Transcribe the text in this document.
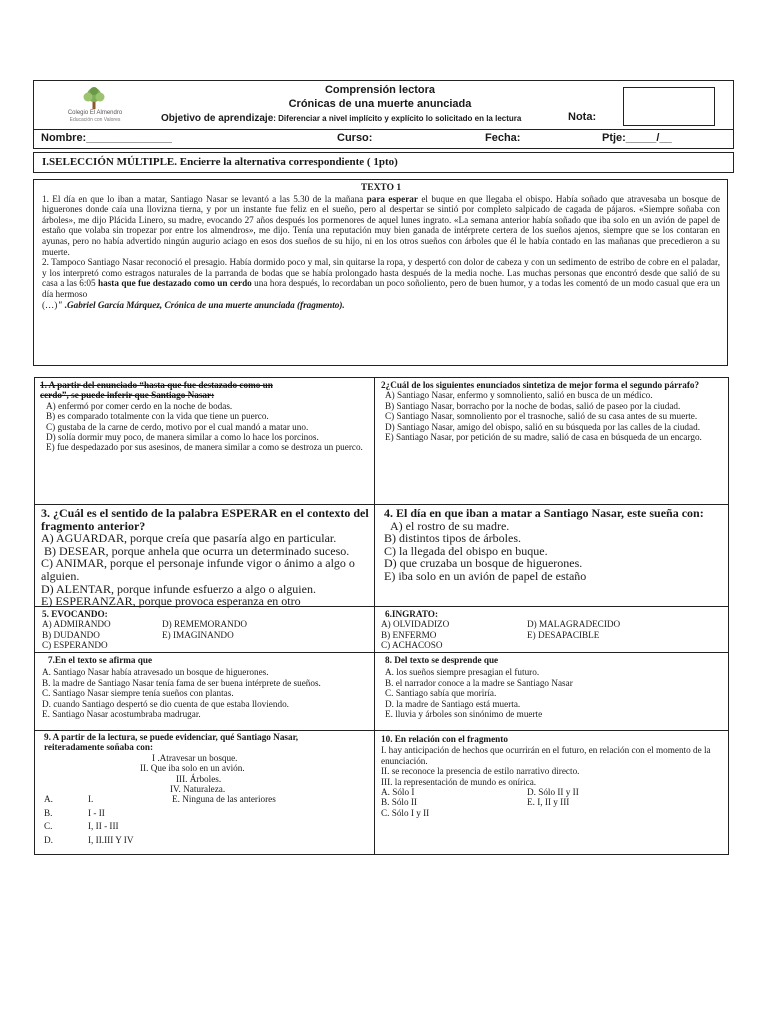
Colegio El Almendro
Educación con Valores
Comprensión lectora
Crónicas de una muerte anunciada
Objetivo de aprendizaje: Diferenciar a nivel implícito y explícito lo solicitado en la lectura	Nota:
Nombre:______________	Curso:	Fecha:	Ptje:_____/__
I.SELECCIÓN MÚLTIPLE. Encierre la alternativa correspondiente ( 1pto)
TEXTO 1

1. El día en que lo iban a matar, Santiago Nasar se levantó a las 5.30 de la mañana para esperar el buque en que llegaba el obispo. Había soñado que atravesaba un bosque de higuerones donde caía una llovizna tierna, y por un instante fue feliz en el sueño, pero al despertar se sintió por completo salpicado de cagada de pájaros. «Siempre soñaba con árboles», me dijo Plácida Linero, su madre, evocando 27 años después los pormenores de aquel lunes ingrato. «La semana anterior había soñado que iba solo en un avión de papel de estaño que volaba sin tropezar por entre los almendros», me dijo. Tenía una reputación muy bien ganada de intérprete certera de los sueños ajenos, siempre que se los contaran en ayunas, pero no había advertido ningún augurio aciago en esos dos sueños de su hijo, ni en los otros sueños con árboles que él le había contado en las mañanas que precedieron a su muerte.

2. Tampoco Santiago Nasar reconoció el presagio. Había dormido poco y mal, sin quitarse la ropa, y despertó con dolor de cabeza y con un sedimento de estribo de cobre en el paladar, y los interpretó como estragos naturales de la parranda de bodas que se había prolongado hasta después de la media noche. Las muchas personas que encontró desde que salió de su casa a las 6:05 hasta que fue destazado como un cerdo una hora después, lo recordaban un poco soñoliento, pero de buen humor, y a todas les comentó de un modo casual que era un día hermoso

(…)" .Gabriel García Márquez, Crónica de una muerte anunciada (fragmento).

1. A partir del enunciado “hasta que fue destazado como un
cerdo”, se puede inferir que Santiago Nasar:
A) enfermó por comer cerdo en la noche de bodas.
B) es comparado totalmente con la vida que tiene un puerco.
C) gustaba de la carne de cerdo, motivo por el cual mandó a matar uno.
D) solía dormir muy poco, de manera similar a como lo hace los porcinos.
E) fue despedazado por sus asesinos, de manera similar a como se destroza un puerco.
2¿Cuál de los siguientes enunciados sintetiza de mejor forma el segundo párrafo?
A) Santiago Nasar, enfermo y somnoliento, salió en busca de un médico.
B) Santiago Nasar, borracho por la noche de bodas, salió de paseo por la ciudad.
C) Santiago Nasar, somnoliento por el trasnoche, salió de su casa antes de su muerte.
D) Santiago Nasar, amigo del obispo, salió en su búsqueda por las calles de la ciudad.
E) Santiago Nasar, por petición de su madre, salió de casa en búsqueda de un encargo.
3. ¿Cuál es el sentido de la palabra ESPERAR en el contexto del fragmento anterior?
A) AGUARDAR, porque creía que pasaría algo en particular.
B) DESEAR, porque anhela que ocurra un determinado suceso.
C) ANIMAR, porque el personaje infunde vigor o ánimo a algo o alguien.
D) ALENTAR, porque infunde esfuerzo a algo o alguien.
E) ESPERANZAR, porque provoca esperanza en otro
4. El día en que iban a matar a Santiago Nasar, este sueña con:
A) el rostro de su madre.
B) distintos tipos de árboles.
C) la llegada del obispo en buque.
D) que cruzaba un bosque de higuerones.
E) iba solo en un avión de papel de estaño
5. EVOCANDO:
A) ADMIRANDO	D) REMEMORANDO
B) DUDANDO	E) IMAGINANDO
C) ESPERANDO
6.INGRATO:
A) OLVIDADIZO	D) MALAGRADECIDO
B) ENFERMO	E) DESAPACIBLE
C) ACHACOSO
7.En el texto se afirma que
A. Santiago Nasar había atravesado un bosque de higuerones.
B. la madre de Santiago Nasar tenía fama de ser buena intérprete de sueños.
C. Santiago Nasar siempre tenía sueños con plantas.
D. cuando Santiago despertó se dio cuenta de que estaba lloviendo.
E. Santiago Nasar acostumbraba madrugar.
8. Del texto se desprende que
A. los sueños siempre presagian el futuro.
B. el narrador conoce a la madre se Santiago Nasar
C. Santiago sabía que moriría.
D. la madre de Santiago está muerta.
E. lluvia y árboles son sinónimo de muerte
9. A partir de la lectura, se puede evidenciar, qué Santiago Nasar,
reiteradamente soñaba con:
I .Atravesar un bosque.
II. Que iba solo en un avión.
III. Árboles.
IV. Naturaleza.
A.	I.	E. Ninguna de las anteriores
B.	I - II
C.	I, II - III
D.	I, II.III Y IV
10. En relación con el fragmento
I. hay anticipación de hechos que ocurrirán en el futuro, en relación con el momento de la enunciación.
II. se reconoce la presencia de estilo narrativo directo.
III. la representación de mundo es onírica.
A. Sólo I	D. Sólo II y II
B. Sólo II	E. I, II y III
C. Sólo I y II
